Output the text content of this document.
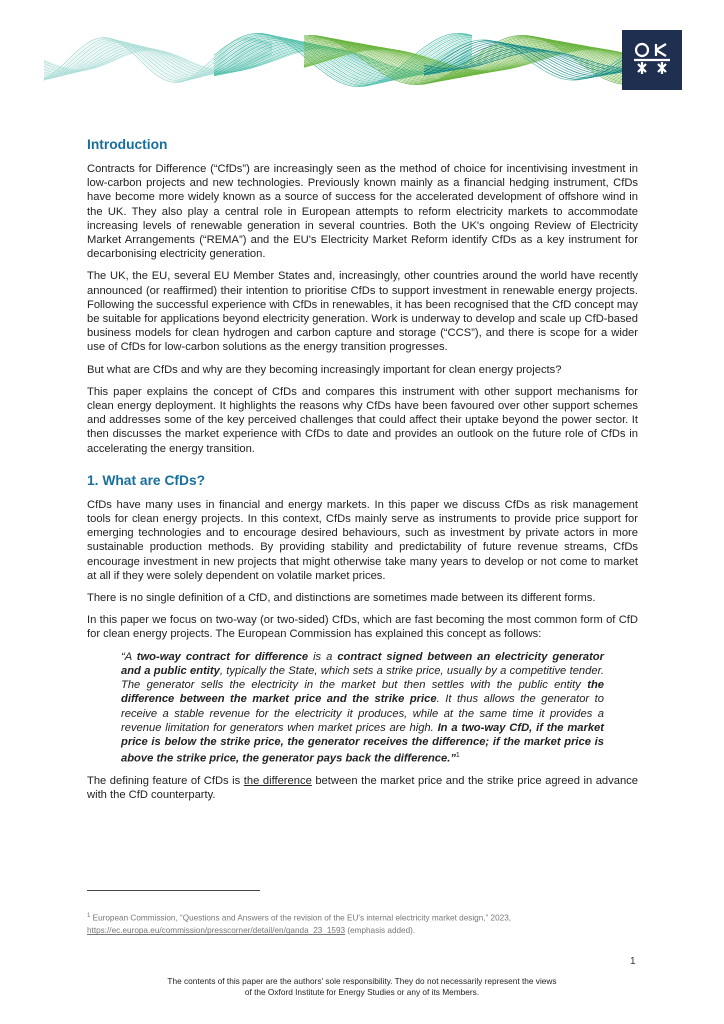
Introduction

Contracts for Difference (“CfDs”) are increasingly seen as the method of choice for incentivising investment in low-carbon projects and new technologies. Previously known mainly as a financial hedging instrument, CfDs have become more widely known as a source of success for the accelerated development of offshore wind in the UK. They also play a central role in European attempts to reform electricity markets to accommodate increasing levels of renewable generation in several countries. Both the UK's ongoing Review of Electricity Market Arrangements (“REMA”) and the EU's Electricity Market Reform identify CfDs as a key instrument for decarbonising electricity generation.

The UK, the EU, several EU Member States and, increasingly, other countries around the world have recently announced (or reaffirmed) their intention to prioritise CfDs to support investment in renewable energy projects. Following the successful experience with CfDs in renewables, it has been recognised that the CfD concept may be suitable for applications beyond electricity generation. Work is underway to develop and scale up CfD-based business models for clean hydrogen and carbon capture and storage (“CCS”), and there is scope for a wider use of CfDs for low-carbon solutions as the energy transition progresses.

But what are CfDs and why are they becoming increasingly important for clean energy projects?

This paper explains the concept of CfDs and compares this instrument with other support mechanisms for clean energy deployment. It highlights the reasons why CfDs have been favoured over other support schemes and addresses some of the key perceived challenges that could affect their uptake beyond the power sector. It then discusses the market experience with CfDs to date and provides an outlook on the future role of CfDs in accelerating the energy transition.

1. What are CfDs?

CfDs have many uses in financial and energy markets. In this paper we discuss CfDs as risk management tools for clean energy projects. In this context, CfDs mainly serve as instruments to provide price support for emerging technologies and to encourage desired behaviours, such as investment by private actors in more sustainable production methods. By providing stability and predictability of future revenue streams, CfDs encourage investment in new projects that might otherwise take many years to develop or not come to market at all if they were solely dependent on volatile market prices.

There is no single definition of a CfD, and distinctions are sometimes made between its different forms.

In this paper we focus on two-way (or two-sided) CfDs, which are fast becoming the most common form of CfD for clean energy projects. The European Commission has explained this concept as follows:

“A two-way contract for difference is a contract signed between an electricity generator and a public entity, typically the State, which sets a strike price, usually by a competitive tender. The generator sells the electricity in the market but then settles with the public entity the difference between the market price and the strike price. It thus allows the generator to receive a stable revenue for the electricity it produces, while at the same time it provides a revenue limitation for generators when market prices are high. In a two-way CfD, if the market price is below the strike price, the generator receives the difference; if the market price is above the strike price, the generator pays back the difference.”$^1$

The defining feature of CfDs is the difference between the market price and the strike price agreed in advance with the CfD counterparty.

$^1$ European Commission, “Questions and Answers of the revision of the EU's internal electricity market design,” 2023, https://ec.europa.eu/commission/presscorner/detail/en/qanda_23_1593 (emphasis added).
1
The contents of this paper are the authors' sole responsibility. They do not necessarily represent the views
of the Oxford Institute for Energy Studies or any of its Members.
